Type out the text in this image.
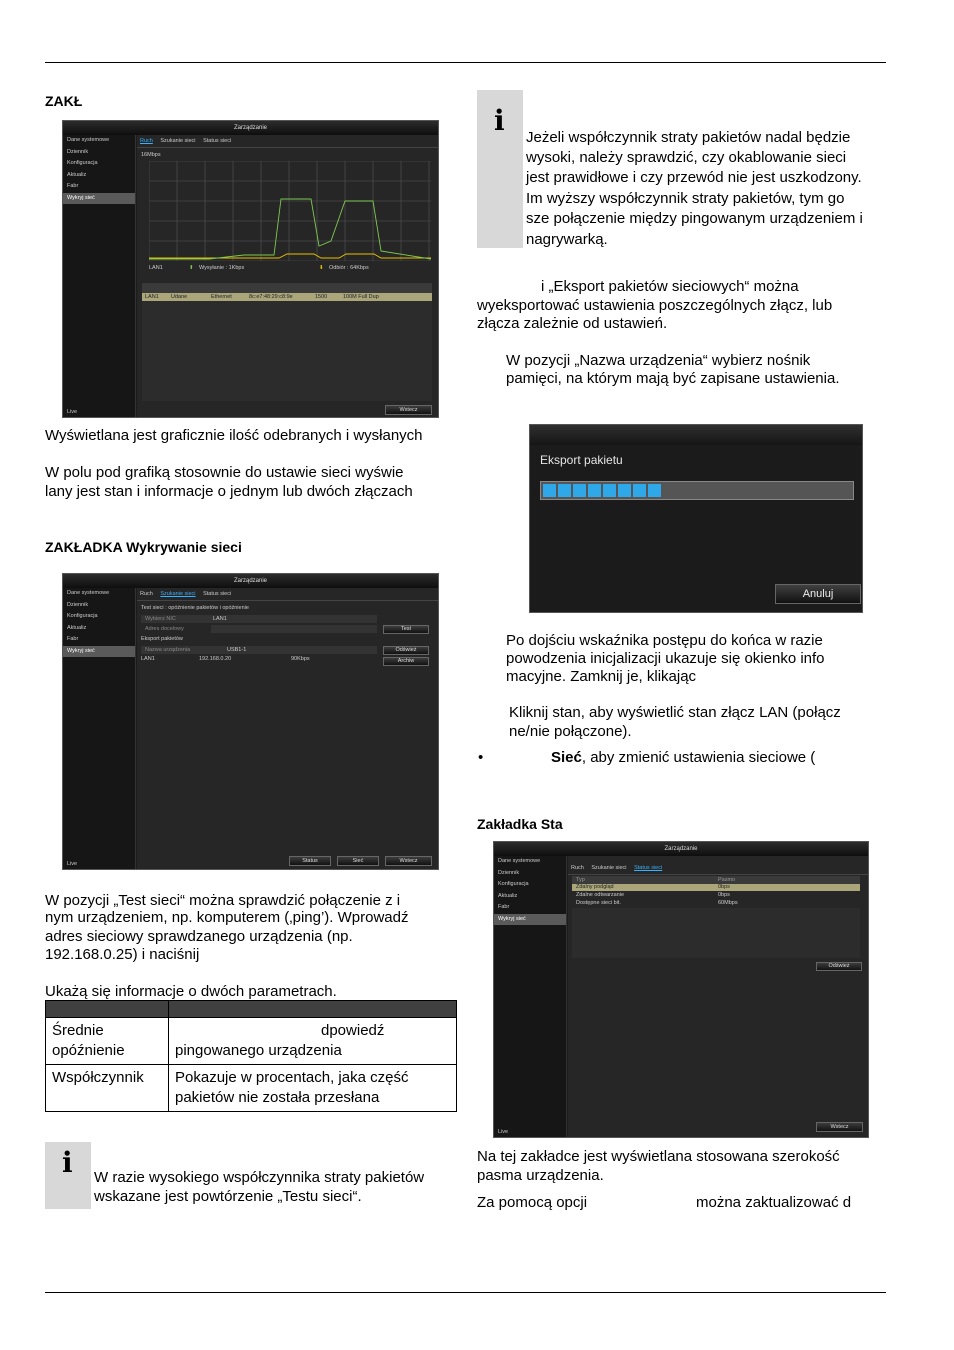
ZAKŁ
Zarządzanie
Dane systemowe
Dziennik
Konfiguracja
Aktualiz
Fabr
Wykryj sieć
Live
Ruch Szukanie sieci Status sieci
16Mbps
LAN1	⬆ Wysyłanie : 1Kbps	⬇ Odbiór : 64Kbps
LAN1 Udane	Ethernet	8c:e7:48:29:c8:9e	1500	100M Full Dup
Wstecz
Wyświetlana jest graficznie ilość odebranych i wysłanych
W polu pod grafiką stosownie do ustawie sieci wyświe
lany jest stan i informacje o jednym lub dwóch złączach
ZAKŁADKA Wykrywanie sieci
Zarządzanie
Dane systemowe
Dziennik
Konfiguracja
Aktualiz
Fabr
Wykryj sieć
Live
Ruch Szukanie sieci Status sieci
Test sieci : opóźnienie pakietów i opóźnienie
Wybierz NIC	LAN1
Adres docelowy	Test
Eksport pakietów
Nazwa urządzenia	USB1-1	Odśwież
Archiw
LAN1	192.168.0.20	90Kbps
Status	Sieć	Wstecz
W pozycji „Test sieci“ można sprawdzić połączenie z i
nym urządzeniem, np. komputerem (‚ping’). Wprowadź
adres sieciowy sprawdzanego urządzenia (np.
192.168.0.25) i naciśnij
Ukażą się informacje o dwóch parametrach.

Średnie
opóźnienie	dpowiedź
pingowanego urządzenia
Współczynnik	Pokazuje w procentach, jaka część
pakietów nie została przesłana
i W razie wysokiego współczynnika straty pakietów
wskazane jest powtórzenie „Testu sieci“.
i
Jeżeli współczynnik straty pakietów nadal będzie
wysoki, należy sprawdzić, czy okablowanie sieci
jest prawidłowe i czy przewód nie jest uszkodzony.
Im wyższy współczynnik straty pakietów, tym go
sze połączenie między pingowanym urządzeniem i
nagrywarką.
i „Eksport pakietów sieciowych“ można
wyeksportować ustawienia poszczególnych złącz, lub
złącza zależnie od ustawień.
W pozycji „Nazwa urządzenia“ wybierz nośnik
pamięci, na którym mają być zapisane ustawienia.
Eksport pakietu
Anuluj
Po dojściu wskaźnika postępu do końca w razie
powodzenia inicjalizacji ukazuje się okienko info
macyjne. Zamknij je, klikając
Kliknij stan, aby wyświetlić stan złącz LAN (połącz
ne/nie połączone).
•	Sieć, aby zmienić ustawienia sieciowe (
Zakładka Sta
Zarządzanie
Dane systemowe
Dziennik
Konfiguracja
Aktualiz
Fabr
Wykryj sieć
Live
Ruch Szukanie sieci Status sieci
Typ	Pasmo
Zdalny podgląd	0bps
Zdalne odtwarzanie	0bps
Dostępne sieci bit.	60Mbps
Odśwież
Wstecz
Na tej zakładce jest wyświetlana stosowana szerokość
pasma urządzenia.
Za pomocą opcji	można zaktualizować d
